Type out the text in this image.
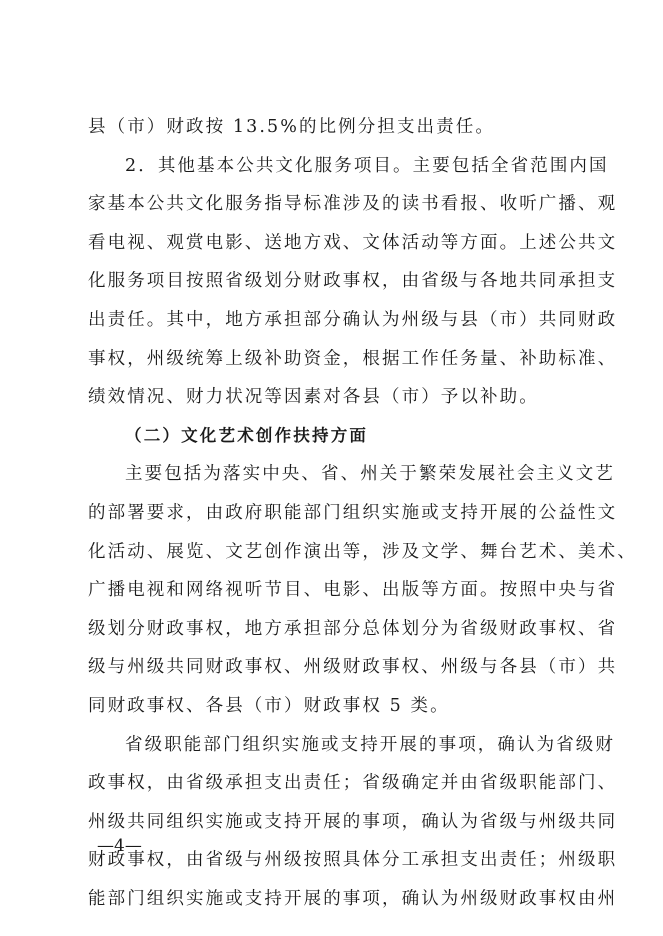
县（市）财政按 13.5%的比例分担支出责任。
2．其他基本公共文化服务项目。主要包括全省范围内国
家基本公共文化服务指导标准涉及的读书看报、收听广播、观
看电视、观赏电影、送地方戏、文体活动等方面。上述公共文
化服务项目按照省级划分财政事权，由省级与各地共同承担支
出责任。其中，地方承担部分确认为州级与县（市）共同财政
事权，州级统筹上级补助资金，根据工作任务量、补助标准、
绩效情况、财力状况等因素对各县（市）予以补助。
（二）文化艺术创作扶持方面
主要包括为落实中央、省、州关于繁荣发展社会主义文艺
的部署要求，由政府职能部门组织实施或支持开展的公益性文
化活动、展览、文艺创作演出等，涉及文学、舞台艺术、美术、
广播电视和网络视听节目、电影、出版等方面。按照中央与省
级划分财政事权，地方承担部分总体划分为省级财政事权、省
级与州级共同财政事权、州级财政事权、州级与各县（市）共
同财政事权、各县（市）财政事权 5 类。
省级职能部门组织实施或支持开展的事项，确认为省级财
政事权，由省级承担支出责任；省级确定并由省级职能部门、
州级共同组织实施或支持开展的事项，确认为省级与州级共同
财政事权，由省级与州级按照具体分工承担支出责任；州级职
能部门组织实施或支持开展的事项，确认为州级财政事权由州
—4—
